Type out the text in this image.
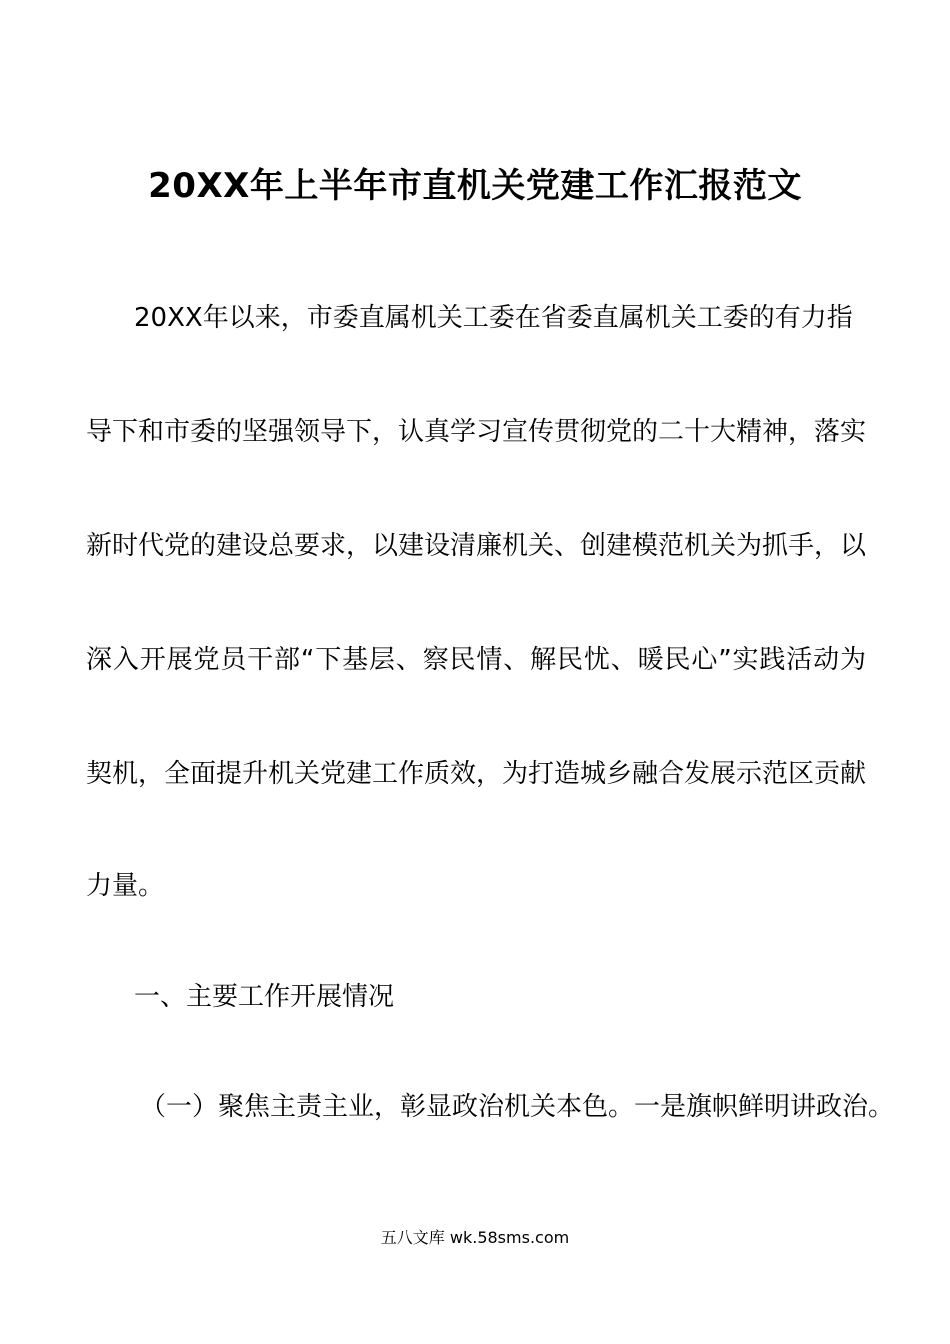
20XX年上半年市直机关党建工作汇报范文
20XX年以来，市委直属机关工委在省委直属机关工委的有力指
导下和市委的坚强领导下，认真学习宣传贯彻党的二十大精神，落实
新时代党的建设总要求，以建设清廉机关、创建模范机关为抓手，以
深入开展党员干部“下基层、察民情、解民忧、暖民心”实践活动为
契机，全面提升机关党建工作质效，为打造城乡融合发展示范区贡献
力量。
一、主要工作开展情况
（一）聚焦主责主业，彰显政治机关本色。一是旗帜鲜明讲政治。
五八文库 wk.58sms.com
